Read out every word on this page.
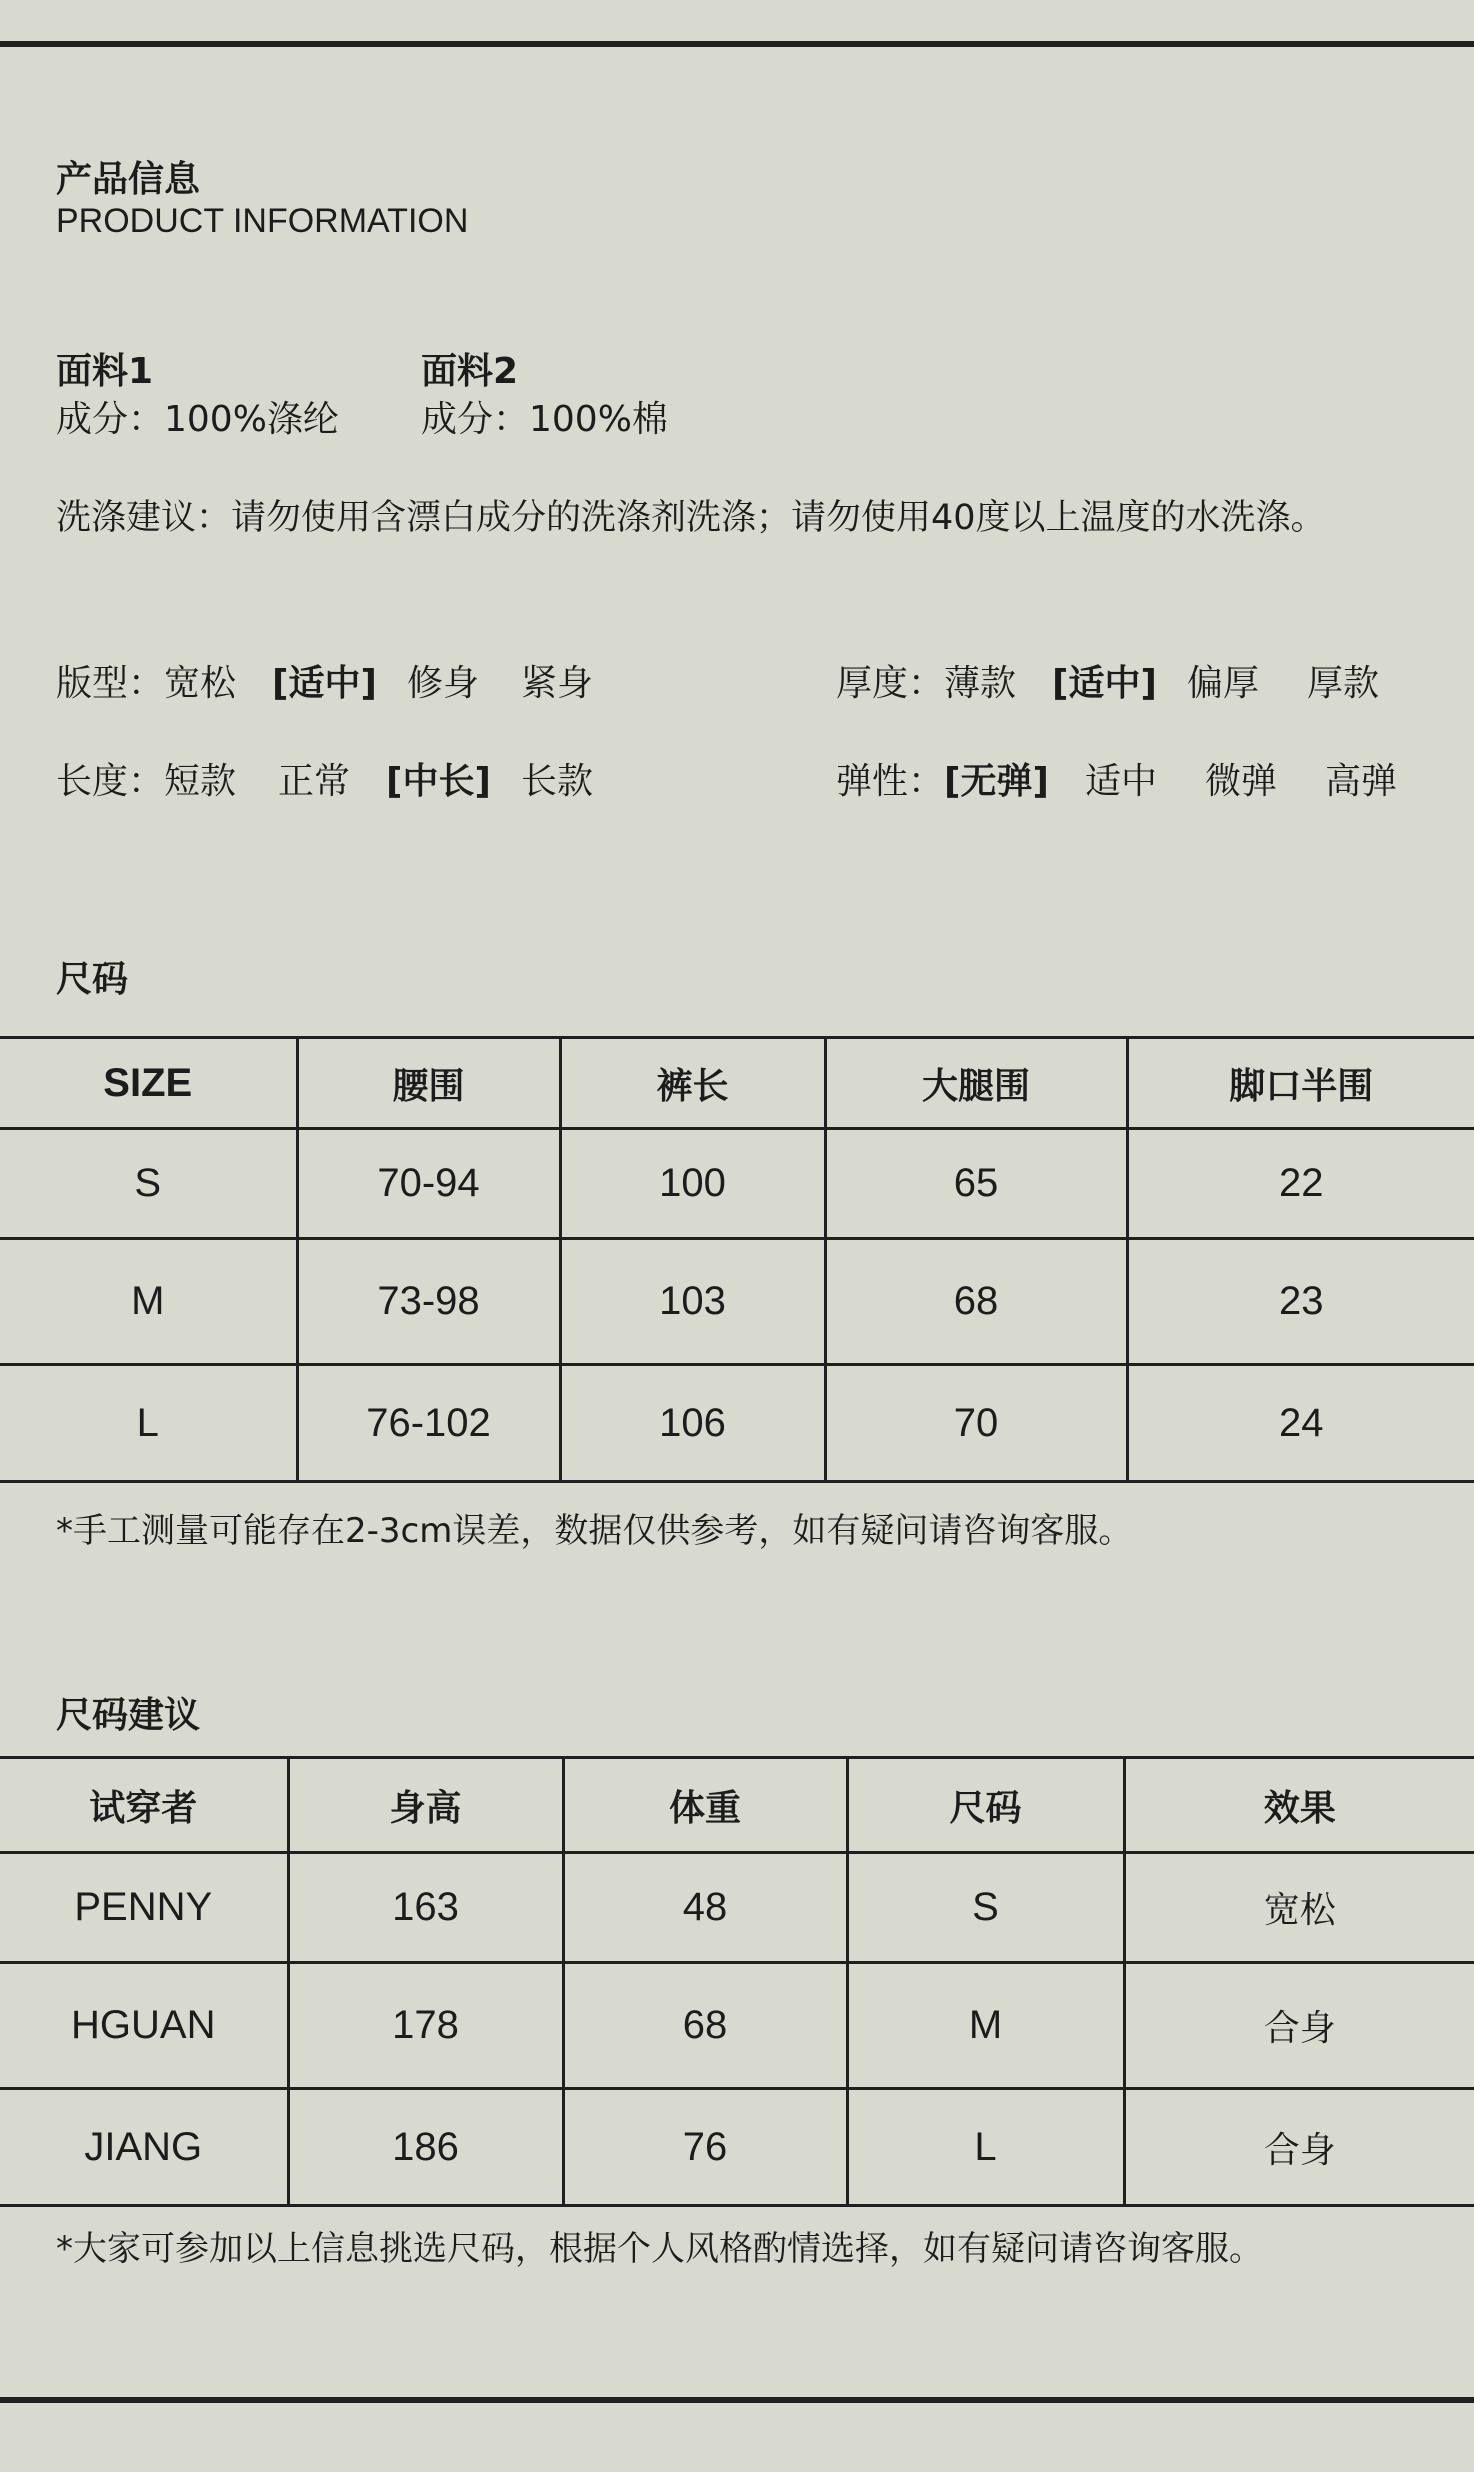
产品信息
PRODUCT INFORMATION
面料1
成分：100%涤纶
面料2
成分：100%棉
洗涤建议：请勿使用含漂白成分的洗涤剂洗涤；请勿使用40度以上温度的水洗涤。
版型： 宽松 [适中] 修身 紧身	厚度： 薄款 [适中] 偏厚 厚款
长度： 短款 正常 [中长] 长款	弹性： [无弹] 适中 微弹 高弹
尺码
SIZE	腰围	裤长	大腿围	脚口半围
S	70-94	100	65	22
M	73-98	103	68	23
L	76-102	106	70	24
*手工测量可能存在2-3cm误差，数据仅供参考，如有疑问请咨询客服。
尺码建议
试穿者	身高	体重	尺码	效果
PENNY	163	48	S	宽松
HGUAN	178	68	M	合身
JIANG	186	76	L	合身
*大家可参加以上信息挑选尺码，根据个人风格酌情选择，如有疑问请咨询客服。
